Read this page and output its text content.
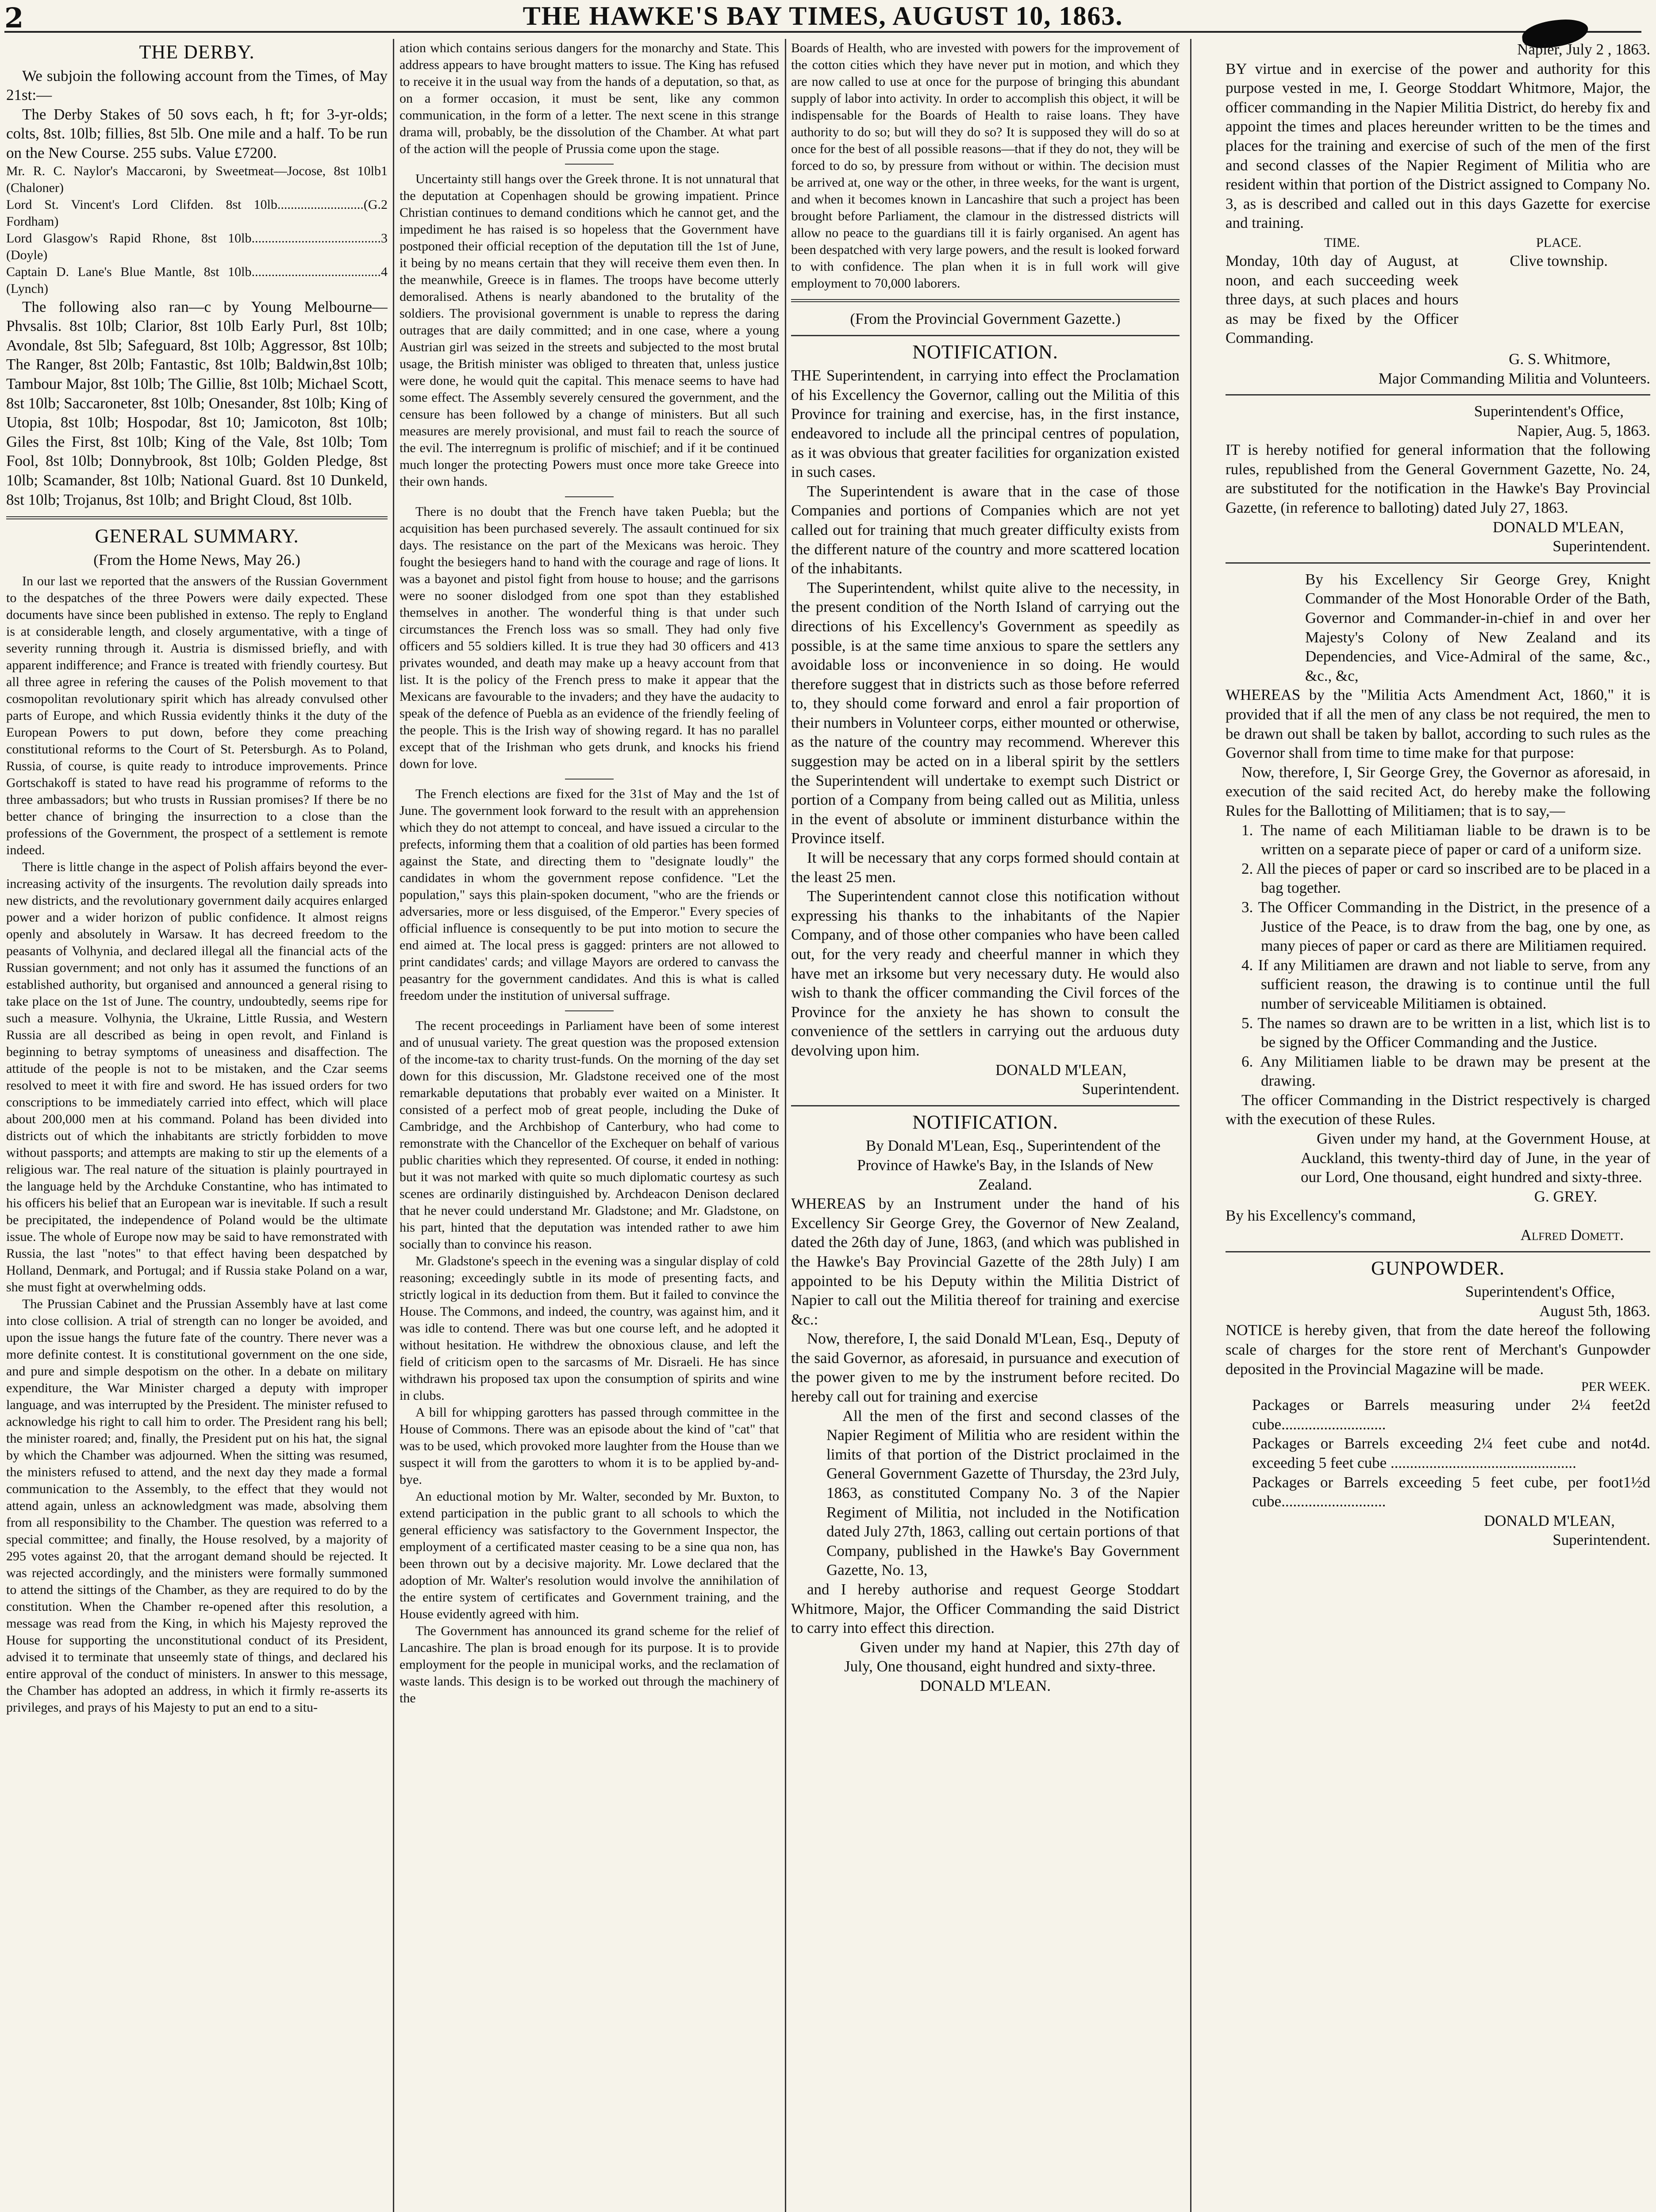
2	THE HAWKE'S BAY TIMES, AUGUST 10, 1863.
THE DERBY.

We subjoin the following account from the Times, of May 21st:—

The Derby Stakes of 50 sovs each, h ft; for 3-yr-olds; colts, 8st. 10lb; fillies, 8st 5lb. One mile and a half. To be run on the New Course. 255 subs. Value £7200.

Mr. R. C. Naylor's Maccaroni, by Sweetmeat—Jocose, 8st 10lb (Chaloner)
1
Lord St. Vincent's Lord Clifden. 8st 10lb..........................(G. Fordham)
2
Lord Glasgow's Rapid Rhone, 8st 10lb.......................................(Doyle)
3
Captain D. Lane's Blue Mantle, 8st 10lb.......................................(Lynch)
4

The following also ran—c by Young Melbourne—Phvsalis. 8st 10lb; Clarior, 8st 10lb Early Purl, 8st 10lb; Avondale, 8st 5lb; Safeguard, 8st 10lb; Aggressor, 8st 10lb; The Ranger, 8st 20lb; Fantastic, 8st 10lb; Baldwin,8st 10lb; Tambour Major, 8st 10lb; The Gillie, 8st 10lb; Michael Scott, 8st 10lb; Saccaroneter, 8st 10lb; Onesander, 8st 10lb; King of Utopia, 8st 10lb; Hospodar, 8st 10; Jamicoton, 8st 10lb; Giles the First, 8st 10lb; King of the Vale, 8st 10lb; Tom Fool, 8st 10lb; Donnybrook, 8st 10lb; Golden Pledge, 8st 10lb; Scamander, 8st 10lb; National Guard. 8st 10 Dunkeld, 8st 10lb; Trojanus, 8st 10lb; and Bright Cloud, 8st 10lb.

GENERAL SUMMARY.
(From the Home News, May 26.)

In our last we reported that the answers of the Russian Government to the despatches of the three Powers were daily expected. These documents have since been published in extenso. The reply to England is at considerable length, and closely argumentative, with a tinge of severity running through it. Austria is dismissed briefly, and with apparent indifference; and France is treated with friendly courtesy. But all three agree in refering the causes of the Polish movement to that cosmopolitan revolutionary spirit which has already convulsed other parts of Europe, and which Russia evidently thinks it the duty of the European Powers to put down, before they come preaching constitutional reforms to the Court of St. Petersburgh. As to Poland, Russia, of course, is quite ready to introduce improvements. Prince Gortschakoff is stated to have read his programme of reforms to the three ambassadors; but who trusts in Russian promises? If there be no better chance of bringing the insurrection to a close than the professions of the Government, the prospect of a settlement is remote indeed.

There is little change in the aspect of Polish affairs beyond the ever-increasing activity of the insurgents. The revolution daily spreads into new districts, and the revolutionary government daily acquires enlarged power and a wider horizon of public confidence. It almost reigns openly and absolutely in Warsaw. It has decreed freedom to the peasants of Volhynia, and declared illegal all the financial acts of the Russian government; and not only has it assumed the functions of an established authority, but organised and announced a general rising to take place on the 1st of June. The country, undoubtedly, seems ripe for such a measure. Volhynia, the Ukraine, Little Russia, and Western Russia are all described as being in open revolt, and Finland is beginning to betray symptoms of uneasiness and disaffection. The attitude of the people is not to be mistaken, and the Czar seems resolved to meet it with fire and sword. He has issued orders for two conscriptions to be immediately carried into effect, which will place about 200,000 men at his command. Poland has been divided into districts out of which the inhabitants are strictly forbidden to move without passports; and attempts are making to stir up the elements of a religious war. The real nature of the situation is plainly pourtrayed in the language held by the Archduke Constantine, who has intimated to his officers his belief that an European war is inevitable. If such a result be precipitated, the independence of Poland would be the ultimate issue. The whole of Europe now may be said to have remonstrated with Russia, the last "notes" to that effect having been despatched by Holland, Denmark, and Portugal; and if Russia stake Poland on a war, she must fight at overwhelming odds.

The Prussian Cabinet and the Prussian Assembly have at last come into close collision. A trial of strength can no longer be avoided, and upon the issue hangs the future fate of the country. There never was a more definite contest. It is constitutional government on the one side, and pure and simple despotism on the other. In a debate on military expenditure, the War Minister charged a deputy with improper language, and was interrupted by the President. The minister refused to acknowledge his right to call him to order. The President rang his bell; the minister roared; and, finally, the President put on his hat, the signal by which the Chamber was adjourned. When the sitting was resumed, the ministers refused to attend, and the next day they made a formal communication to the Assembly, to the effect that they would not attend again, unless an acknowledgment was made, absolving them from all responsibility to the Chamber. The question was referred to a special committee; and finally, the House resolved, by a majority of 295 votes against 20, that the arrogant demand should be rejected. It was rejected accordingly, and the ministers were formally summoned to attend the sittings of the Chamber, as they are required to do by the constitution. When the Chamber re-opened after this resolution, a message was read from the King, in which his Majesty reproved the House for supporting the unconstitutional conduct of its President, advised it to terminate that unseemly state of things, and declared his entire approval of the conduct of ministers. In answer to this message, the Chamber has adopted an address, in which it firmly re-asserts its privileges, and prays of his Majesty to put an end to a situ-

ation which contains serious dangers for the monarchy and State. This address appears to have brought matters to issue. The King has refused to receive it in the usual way from the hands of a deputation, so that, as on a former occasion, it must be sent, like any common communication, in the form of a letter. The next scene in this strange drama will, probably, be the dissolution of the Chamber. At what part of the action will the people of Prussia come upon the stage.

Uncertainty still hangs over the Greek throne. It is not unnatural that the deputation at Copenhagen should be growing impatient. Prince Christian continues to demand conditions which he cannot get, and the impediment he has raised is so hopeless that the Government have postponed their official reception of the deputation till the 1st of June, it being by no means certain that they will receive them even then. In the meanwhile, Greece is in flames. The troops have become utterly demoralised. Athens is nearly abandoned to the brutality of the soldiers. The provisional government is unable to repress the daring outrages that are daily committed; and in one case, where a young Austrian girl was seized in the streets and subjected to the most brutal usage, the British minister was obliged to threaten that, unless justice were done, he would quit the capital. This menace seems to have had some effect. The Assembly severely censured the government, and the censure has been followed by a change of ministers. But all such measures are merely provisional, and must fail to reach the source of the evil. The interregnum is prolific of mischief; and if it be continued much longer the protecting Powers must once more take Greece into their own hands.

There is no doubt that the French have taken Puebla; but the acquisition has been purchased severely. The assault continued for six days. The resistance on the part of the Mexicans was heroic. They fought the besiegers hand to hand with the courage and rage of lions. It was a bayonet and pistol fight from house to house; and the garrisons were no sooner dislodged from one spot than they established themselves in another. The wonderful thing is that under such circumstances the French loss was so small. They had only five officers and 55 soldiers killed. It is true they had 30 officers and 413 privates wounded, and death may make up a heavy account from that list. It is the policy of the French press to make it appear that the Mexicans are favourable to the invaders; and they have the audacity to speak of the defence of Puebla as an evidence of the friendly feeling of the people. This is the Irish way of showing regard. It has no parallel except that of the Irishman who gets drunk, and knocks his friend down for love.

The French elections are fixed for the 31st of May and the 1st of June. The government look forward to the result with an apprehension which they do not attempt to conceal, and have issued a circular to the prefects, informing them that a coalition of old parties has been formed against the State, and directing them to "designate loudly" the candidates in whom the government repose confidence. "Let the population," says this plain-spoken document, "who are the friends or adversaries, more or less disguised, of the Emperor." Every species of official influence is consequently to be put into motion to secure the end aimed at. The local press is gagged: printers are not allowed to print candidates' cards; and village Mayors are ordered to canvass the peasantry for the government candidates. And this is what is called freedom under the institution of universal suffrage.

The recent proceedings in Parliament have been of some interest and of unusual variety. The great question was the proposed extension of the income-tax to charity trust-funds. On the morning of the day set down for this discussion, Mr. Gladstone received one of the most remarkable deputations that probably ever waited on a Minister. It consisted of a perfect mob of great people, including the Duke of Cambridge, and the Archbishop of Canterbury, who had come to remonstrate with the Chancellor of the Exchequer on behalf of various public charities which they represented. Of course, it ended in nothing: but it was not marked with quite so much diplomatic courtesy as such scenes are ordinarily distinguished by. Archdeacon Denison declared that he never could understand Mr. Gladstone; and Mr. Gladstone, on his part, hinted that the deputation was intended rather to awe him socially than to convince his reason.

Mr. Gladstone's speech in the evening was a singular display of cold reasoning; exceedingly subtle in its mode of presenting facts, and strictly logical in its deduction from them. But it failed to convince the House. The Commons, and indeed, the country, was against him, and it was idle to contend. There was but one course left, and he adopted it without hesitation. He withdrew the obnoxious clause, and left the field of criticism open to the sarcasms of Mr. Disraeli. He has since withdrawn his proposed tax upon the consumption of spirits and wine in clubs.

A bill for whipping garotters has passed through committee in the House of Commons. There was an episode about the kind of "cat" that was to be used, which provoked more laughter from the House than we suspect it will from the garotters to whom it is to be applied by-and-bye.

An eductional motion by Mr. Walter, seconded by Mr. Buxton, to extend participation in the public grant to all schools to which the general efficiency was satisfactory to the Government Inspector, the employment of a certificated master ceasing to be a sine qua non, has been thrown out by a decisive majority. Mr. Lowe declared that the adoption of Mr. Walter's resolution would involve the annihilation of the entire system of certificates and Government training, and the House evidently agreed with him.

The Government has announced its grand scheme for the relief of Lancashire. The plan is broad enough for its purpose. It is to provide employment for the people in municipal works, and the reclamation of waste lands. This design is to be worked out through the machinery of the

Boards of Health, who are invested with powers for the improvement of the cotton cities which they have never put in motion, and which they are now called to use at once for the purpose of bringing this abundant supply of labor into activity. In order to accomplish this object, it will be indispensable for the Boards of Health to raise loans. They have authority to do so; but will they do so? It is supposed they will do so at once for the best of all possible reasons—that if they do not, they will be forced to do so, by pressure from without or within. The decision must be arrived at, one way or the other, in three weeks, for the want is urgent, and when it becomes known in Lancashire that such a project has been brought before Parliament, the clamour in the distressed districts will allow no peace to the guardians till it is fairly organised. An agent has been despatched with very large powers, and the result is looked forward to with confidence. The plan when it is in full work will give employment to 70,000 laborers.

(From the Provincial Government Gazette.)
NOTIFICATION.

THE Superintendent, in carrying into effect the Proclamation of his Excellency the Governor, calling out the Militia of this Province for training and exercise, has, in the first instance, endeavored to include all the principal centres of population, as it was obvious that greater facilities for organization existed in such cases.

The Superintendent is aware that in the case of those Companies and portions of Companies which are not yet called out for training that much greater difficulty exists from the different nature of the country and more scattered location of the inhabitants.

The Superintendent, whilst quite alive to the necessity, in the present condition of the North Island of carrying out the directions of his Excellency's Government as speedily as possible, is at the same time anxious to spare the settlers any avoidable loss or inconvenience in so doing. He would therefore suggest that in districts such as those before referred to, they should come forward and enrol a fair proportion of their numbers in Volunteer corps, either mounted or otherwise, as the nature of the country may recommend. Wherever this suggestion may be acted on in a liberal spirit by the settlers the Superintendent will undertake to exempt such District or portion of a Company from being called out as Militia, unless in the event of absolute or imminent disturbance within the Province itself.

It will be necessary that any corps formed should contain at the least 25 men.

The Superintendent cannot close this notification without expressing his thanks to the inhabitants of the Napier Company, and of those other companies who have been called out, for the very ready and cheerful manner in which they have met an irksome but very necessary duty. He would also wish to thank the officer commanding the Civil forces of the Province for the anxiety he has shown to consult the convenience of the settlers in carrying out the arduous duty devolving upon him.

DONALD M'LEAN,
Superintendent.
NOTIFICATION.

By Donald M'Lean, Esq., Superintendent of the Province of Hawke's Bay, in the Islands of New Zealand.

WHEREAS by an Instrument under the hand of his Excellency Sir George Grey, the Governor of New Zealand, dated the 26th day of June, 1863, (and which was published in the Hawke's Bay Provincial Gazette of the 28th July) I am appointed to be his Deputy within the Militia District of Napier to call out the Militia thereof for training and exercise &c.:

Now, therefore, I, the said Donald M'Lean, Esq., Deputy of the said Governor, as aforesaid, in pursuance and execution of the power given to me by the instrument before recited. Do hereby call out for training and exercise

All the men of the first and second classes of the Napier Regiment of Militia who are resident within the limits of that portion of the District proclaimed in the General Government Gazette of Thursday, the 23rd July, 1863, as constituted Company No. 3 of the Napier Regiment of Militia, not included in the Notification dated July 27th, 1863, calling out certain portions of that Company, published in the Hawke's Bay Government Gazette, No. 13,

and I hereby authorise and request George Stoddart Whitmore, Major, the Officer Commanding the said District to carry into effect this direction.

Given under my hand at Napier, this 27th day of July, One thousand, eight hundred and sixty-three.

DONALD M'LEAN.
Napier, July 2 , 1863.

BY virtue and in exercise of the power and authority for this purpose vested in me, I. George Stoddart Whitmore, Major, the officer commanding in the Napier Militia District, do hereby fix and appoint the times and places hereunder written to be the times and places for the training and exercise of such of the men of the first and second classes of the Napier Regiment of Militia who are resident within that portion of the District assigned to Company No. 3, as is described and called out in this days Gazette for exercise and training.

TIME.
Monday, 10th day of August, at noon, and each succeeding week three days, at such places and hours as may be fixed by the Officer Commanding.
PLACE.
Clive township.
G. S. Whitmore,
Major Commanding Militia and Volunteers.
Superintendent's Office,
Napier, Aug. 5, 1863.

IT is hereby notified for general information that the following rules, republished from the General Government Gazette, No. 24, are substituted for the notification in the Hawke's Bay Provincial Gazette, (in reference to balloting) dated July 27, 1863.

DONALD M'LEAN,
Superintendent.

By his Excellency Sir George Grey, Knight Commander of the Most Honorable Order of the Bath, Governor and Commander-in-chief in and over her Majesty's Colony of New Zealand and its Dependencies, and Vice-Admiral of the same, &c., &c., &c,

WHEREAS by the "Militia Acts Amendment Act, 1860," it is provided that if all the men of any class be not required, the men to be drawn out shall be taken by ballot, according to such rules as the Governor shall from time to time make for that purpose:

Now, therefore, I, Sir George Grey, the Governor as aforesaid, in execution of the said recited Act, do hereby make the following Rules for the Ballotting of Militiamen; that is to say,—

1. The name of each Militiaman liable to be drawn is to be written on a separate piece of paper or card of a uniform size.
2. All the pieces of paper or card so inscribed are to be placed in a bag together.
3. The Officer Commanding in the District, in the presence of a Justice of the Peace, is to draw from the bag, one by one, as many pieces of paper or card as there are Militiamen required.
4. If any Militiamen are drawn and not liable to serve, from any sufficient reason, the drawing is to continue until the full number of serviceable Militiamen is obtained.
5. The names so drawn are to be written in a list, which list is to be signed by the Officer Commanding and the Justice.
6. Any Militiamen liable to be drawn may be present at the drawing.

The officer Commanding in the District respectively is charged with the execution of these Rules.

Given under my hand, at the Government House, at Auckland, this twenty-third day of June, in the year of our Lord, One thousand, eight hundred and sixty-three.

G. GREY.
By his Excellency's command,
Alfred Domett.
GUNPOWDER.
Superintendent's Office,
August 5th, 1863.

NOTICE is hereby given, that from the date hereof the following scale of charges for the store rent of Merchant's Gunpowder deposited in the Provincial Magazine will be made.

PER WEEK.
Packages or Barrels measuring under 2¼ feet cube...........................
2d
Packages or Barrels exceeding 2¼ feet cube and not exceeding 5 feet cube ................................................
4d.
Packages or Barrels exceeding 5 feet cube, per foot cube...........................
1½d
DONALD M'LEAN,
Superintendent.
